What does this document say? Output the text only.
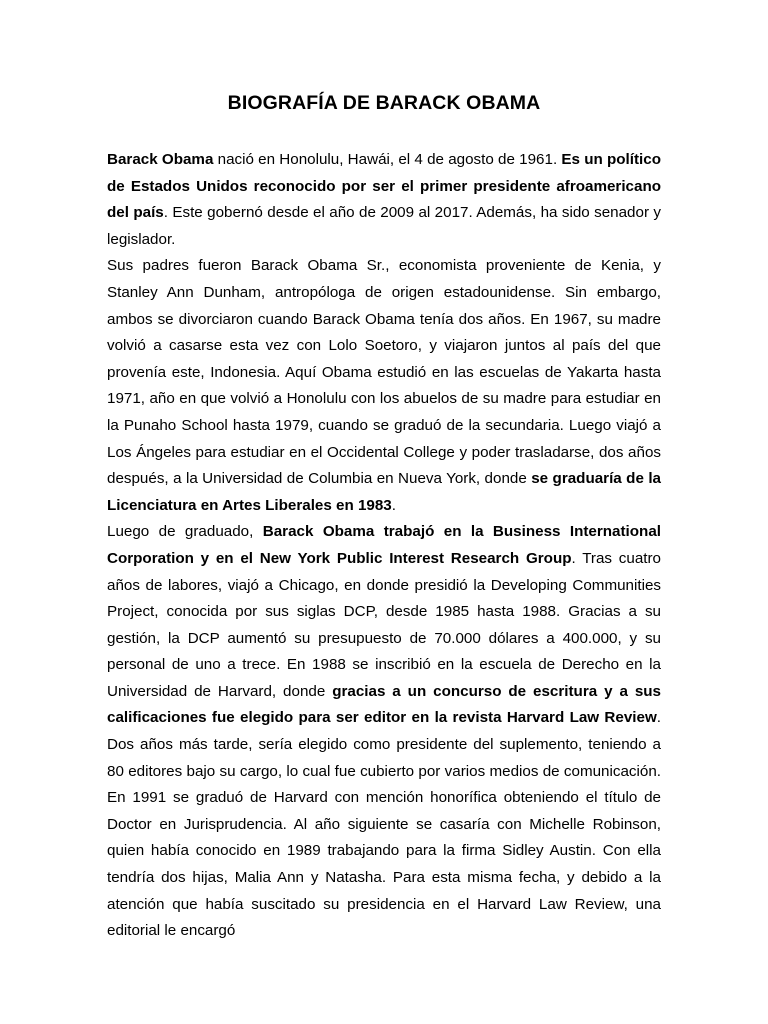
BIOGRAFÍA DE BARACK OBAMA

Barack Obama nació en Honolulu, Hawái, el 4 de agosto de 1961. Es un político de Estados Unidos reconocido por ser el primer presidente afroamericano del país. Este gobernó desde el año de 2009 al 2017. Además, ha sido senador y legislador.

Sus padres fueron Barack Obama Sr., economista proveniente de Kenia, y Stanley Ann Dunham, antropóloga de origen estadounidense. Sin embargo, ambos se divorciaron cuando Barack Obama tenía dos años. En 1967, su madre volvió a casarse esta vez con Lolo Soetoro, y viajaron juntos al país del que provenía este, Indonesia. Aquí Obama estudió en las escuelas de Yakarta hasta 1971, año en que volvió a Honolulu con los abuelos de su madre para estudiar en la Punaho School hasta 1979, cuando se graduó de la secundaria. Luego viajó a Los Ángeles para estudiar en el Occidental College y poder trasladarse, dos años después, a la Universidad de Columbia en Nueva York, donde se graduaría de la Licenciatura en Artes Liberales en 1983.

Luego de graduado, Barack Obama trabajó en la Business International Corporation y en el New York Public Interest Research Group. Tras cuatro años de labores, viajó a Chicago, en donde presidió la Developing Communities Project, conocida por sus siglas DCP, desde 1985 hasta 1988. Gracias a su gestión, la DCP aumentó su presupuesto de 70.000 dólares a 400.000, y su personal de uno a trece. En 1988 se inscribió en la escuela de Derecho en la Universidad de Harvard, donde gracias a un concurso de escritura y a sus calificaciones fue elegido para ser editor en la revista Harvard Law Review. Dos años más tarde, sería elegido como presidente del suplemento, teniendo a 80 editores bajo su cargo, lo cual fue cubierto por varios medios de comunicación. En 1991 se graduó de Harvard con mención honorífica obteniendo el título de Doctor en Jurisprudencia. Al año siguiente se casaría con Michelle Robinson, quien había conocido en 1989 trabajando para la firma Sidley Austin. Con ella tendría dos hijas, Malia Ann y Natasha. Para esta misma fecha, y debido a la atención que había suscitado su presidencia en el Harvard Law Review, una editorial le encargó
